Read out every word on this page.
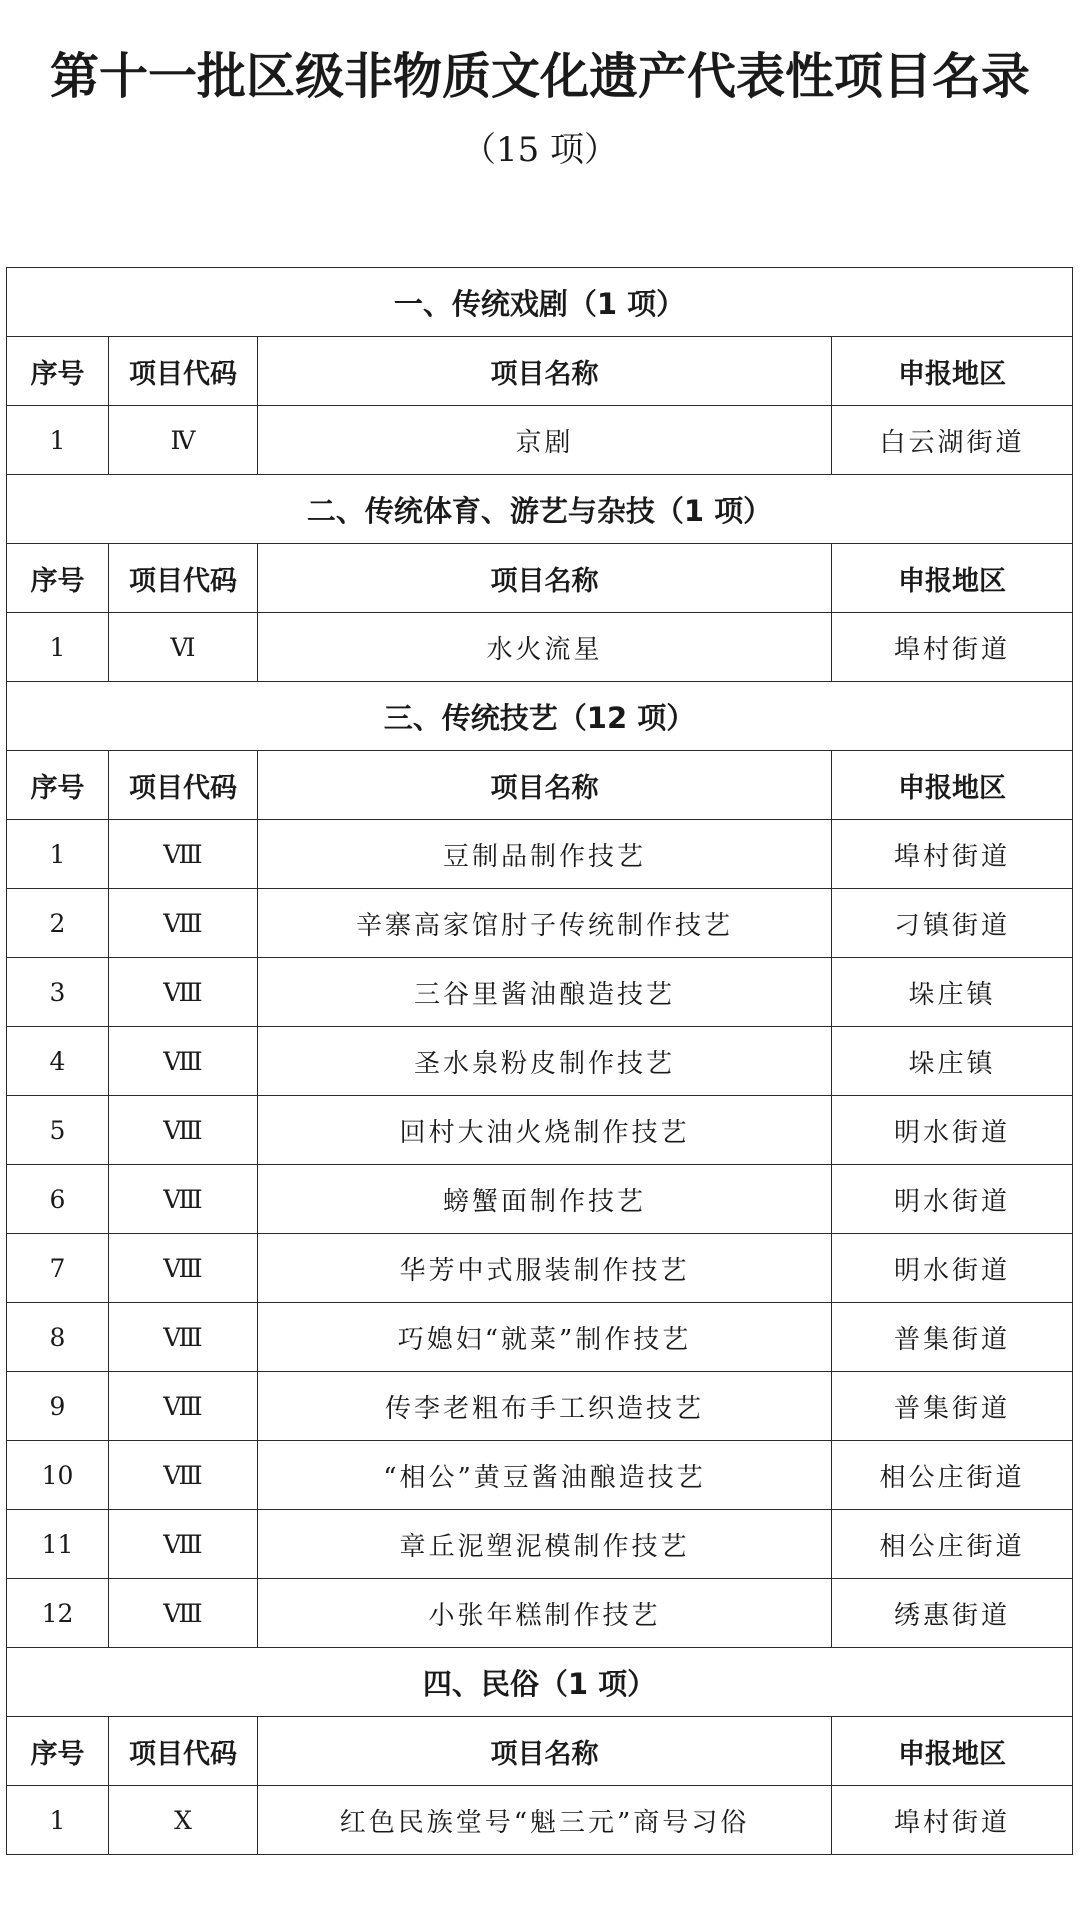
第十一批区级非物质文化遗产代表性项目名录
（15 项）
一、传统戏剧（1 项）			
序号	项目代码	项目名称	申报地区
1	Ⅳ	京剧	白云湖街道
二、传统体育、游艺与杂技（1 项）			
序号	项目代码	项目名称	申报地区
1	Ⅵ	水火流星	埠村街道
三、传统技艺（12 项）			
序号	项目代码	项目名称	申报地区
1	Ⅷ	豆制品制作技艺	埠村街道
2	Ⅷ	辛寨高家馆肘子传统制作技艺	刁镇街道
3	Ⅷ	三谷里酱油酿造技艺	垛庄镇
4	Ⅷ	圣水泉粉皮制作技艺	垛庄镇
5	Ⅷ	回村大油火烧制作技艺	明水街道
6	Ⅷ	螃蟹面制作技艺	明水街道
7	Ⅷ	华芳中式服装制作技艺	明水街道
8	Ⅷ	巧媳妇“就菜”制作技艺	普集街道
9	Ⅷ	传李老粗布手工织造技艺	普集街道
10	Ⅷ	“相公”黄豆酱油酿造技艺	相公庄街道
11	Ⅷ	章丘泥塑泥模制作技艺	相公庄街道
12	Ⅷ	小张年糕制作技艺	绣惠街道
四、民俗（1 项）			
序号	项目代码	项目名称	申报地区
1	Ⅹ	红色民族堂号“魁三元”商号习俗	埠村街道
